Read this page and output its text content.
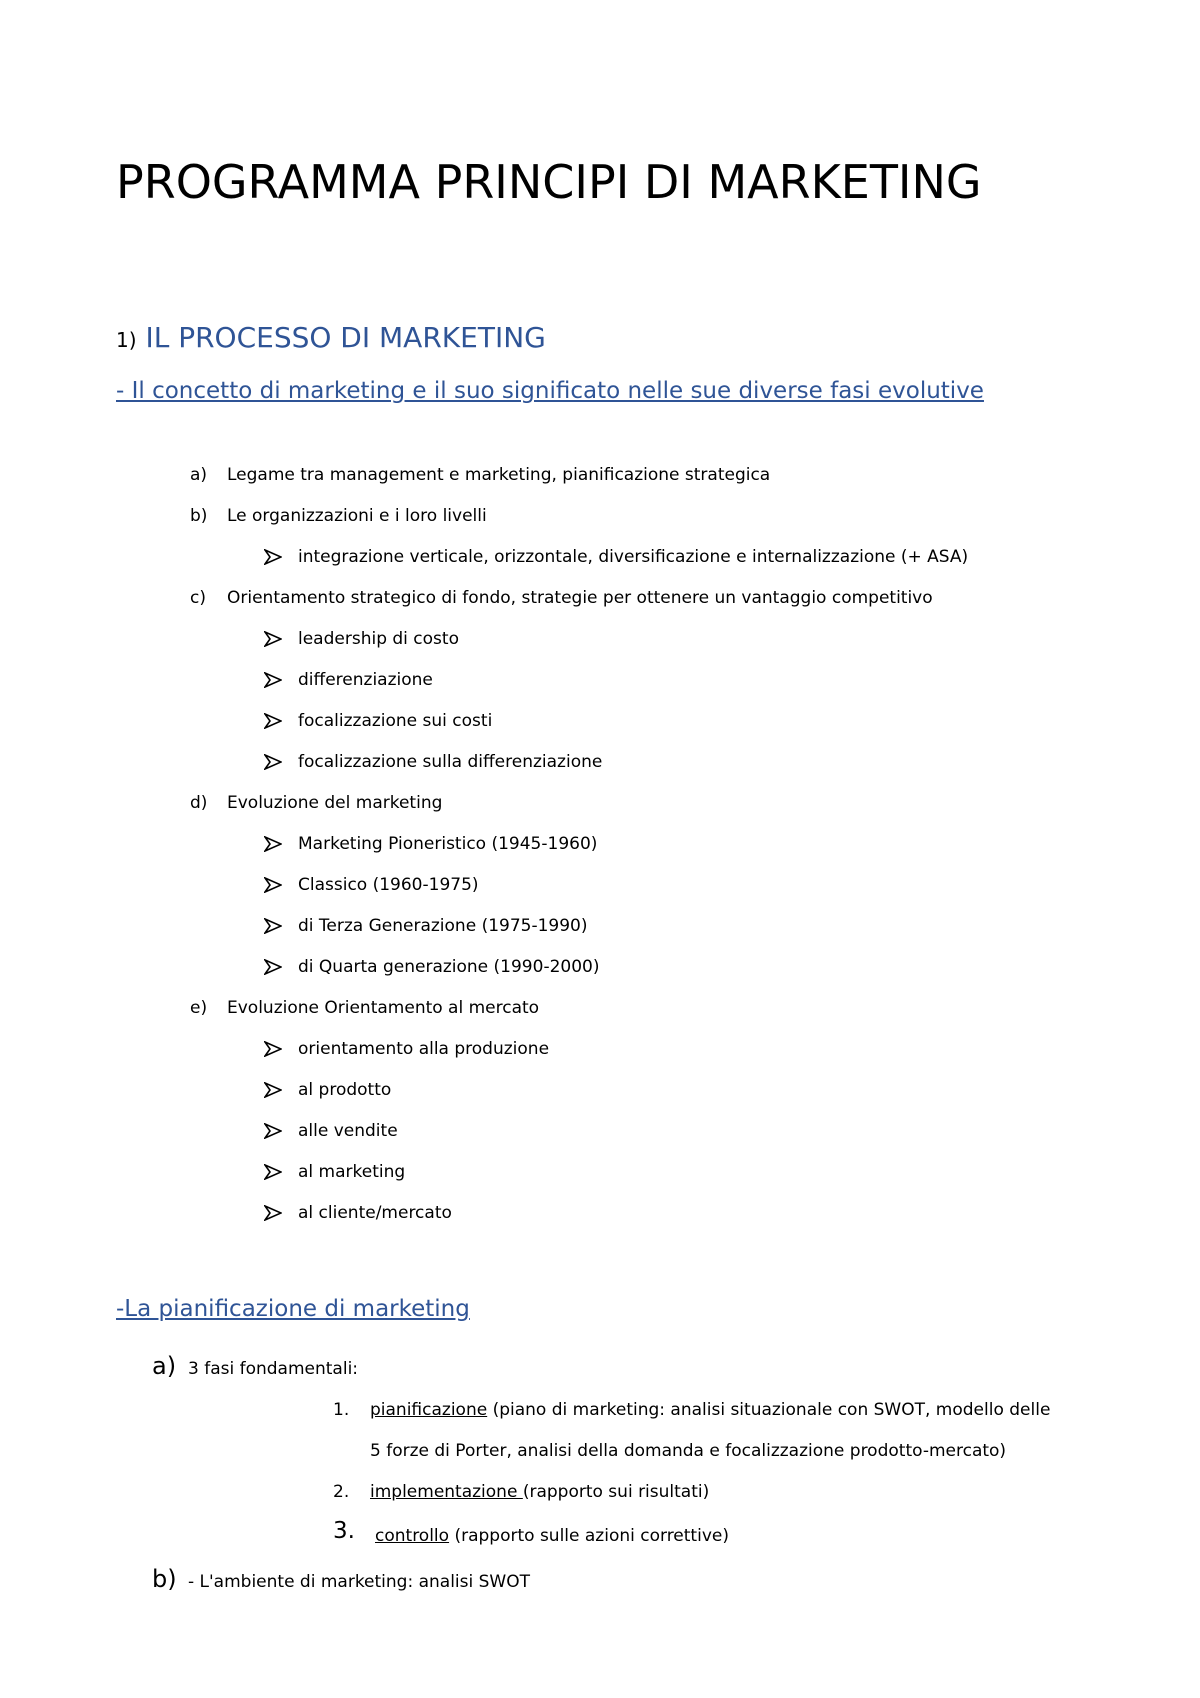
PROGRAMMA PRINCIPI DI MARKETING
1) IL PROCESSO DI MARKETING
- Il concetto di marketing e il suo significato nelle sue diverse fasi evolutive
a) Legame tra management e marketing, pianificazione strategica
b) Le organizzazioni e i loro livelli
integrazione verticale, orizzontale, diversificazione e internalizzazione (+ ASA)
c) Orientamento strategico di fondo, strategie per ottenere un vantaggio competitivo
leadership di costo
differenziazione
focalizzazione sui costi
focalizzazione sulla differenziazione
d) Evoluzione del marketing
Marketing Pioneristico (1945-1960)
Classico (1960-1975)
di Terza Generazione (1975-1990)
di Quarta generazione (1990-2000)
e) Evoluzione Orientamento al mercato
orientamento alla produzione
al prodotto
alle vendite
al marketing
al cliente/mercato
-La pianificazione di marketing
a) 3 fasi fondamentali:
1. pianificazione (piano di marketing: analisi situazionale con SWOT, modello delle
5 forze di Porter, analisi della domanda e focalizzazione prodotto-mercato)
2. implementazione (rapporto sui risultati)
3. controllo (rapporto sulle azioni correttive)
b) - L'ambiente di marketing: analisi SWOT
